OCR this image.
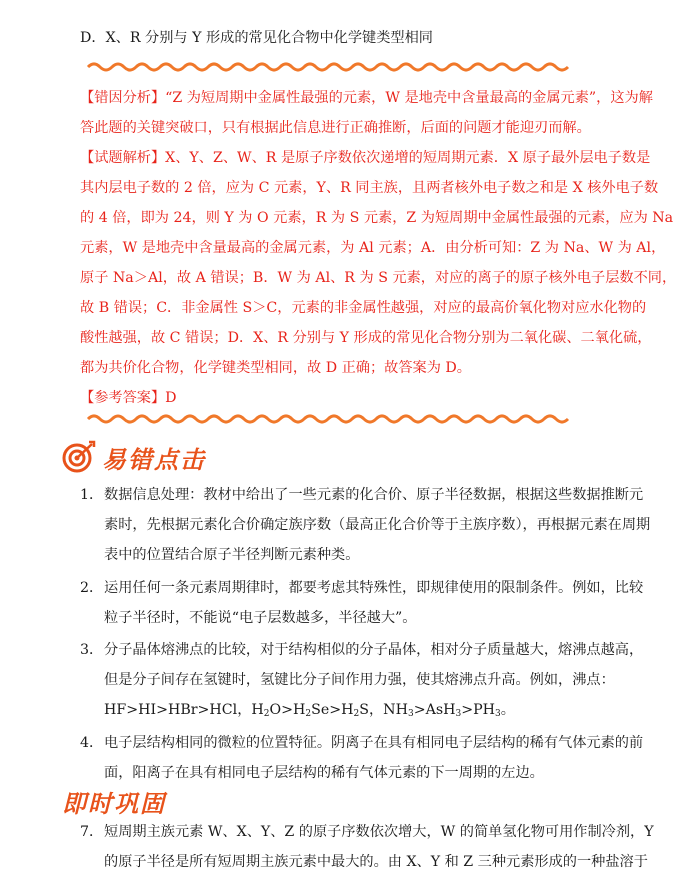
D．X、R 分别与 Y 形成的常见化合物中化学键类型相同
【错因分析】“Z 为短周期中金属性最强的元素，W 是地壳中含量最高的金属元素”，这为解
答此题的关键突破口，只有根据此信息进行正确推断，后面的问题才能迎刃而解。
【试题解析】X、Y、Z、W、R 是原子序数依次递增的短周期元素．X 原子最外层电子数是
其内层电子数的 2 倍，应为 C 元素，Y、R 同主族，且两者核外电子数之和是 X 核外电子数
的 4 倍，即为 24，则 Y 为 O 元素，R 为 S 元素，Z 为短周期中金属性最强的元素，应为 Na
元素，W 是地壳中含量最高的金属元素，为 Al 元素；A．由分析可知：Z 为 Na、W 为 Al，
原子 Na＞Al，故 A 错误；B．W 为 Al、R 为 S 元素，对应的离子的原子核外电子层数不同，
故 B 错误；C．非金属性 S＞C，元素的非金属性越强，对应的最高价氧化物对应水化物的
酸性越强，故 C 错误；D．X、R 分别与 Y 形成的常见化合物分别为二氧化碳、二氧化硫，
都为共价化合物，化学键类型相同，故 D 正确；故答案为 D。
【参考答案】D
易错点击
1． 数据信息处理：教材中给出了一些元素的化合价、原子半径数据，根据这些数据推断元
素时，先根据元素化合价确定族序数（最高正化合价等于主族序数），再根据元素在周期
表中的位置结合原子半径判断元素种类。
2． 运用任何一条元素周期律时，都要考虑其特殊性，即规律使用的限制条件。例如，比较
粒子半径时，不能说“电子层数越多，半径越大”。
3． 分子晶体熔沸点的比较，对于结构相似的分子晶体，相对分子质量越大，熔沸点越高，
但是分子间存在氢键时，氢键比分子间作用力强，使其熔沸点升高。例如，沸点：
HF>HI>HBr>HCl，$H_2O>H_2Se>H_2S$，$NH_3>AsH_3>PH_3$。
4． 电子层结构相同的微粒的位置特征。阴离子在具有相同电子层结构的稀有气体元素的前
面，阳离子在具有相同电子层结构的稀有气体元素的下一周期的左边。
即时巩固
7． 短周期主族元素 W、X、Y、Z 的原子序数依次增大，W 的简单氢化物可用作制冷剂，Y
的原子半径是所有短周期主族元素中最大的。由 X、Y 和 Z 三种元素形成的一种盐溶于
